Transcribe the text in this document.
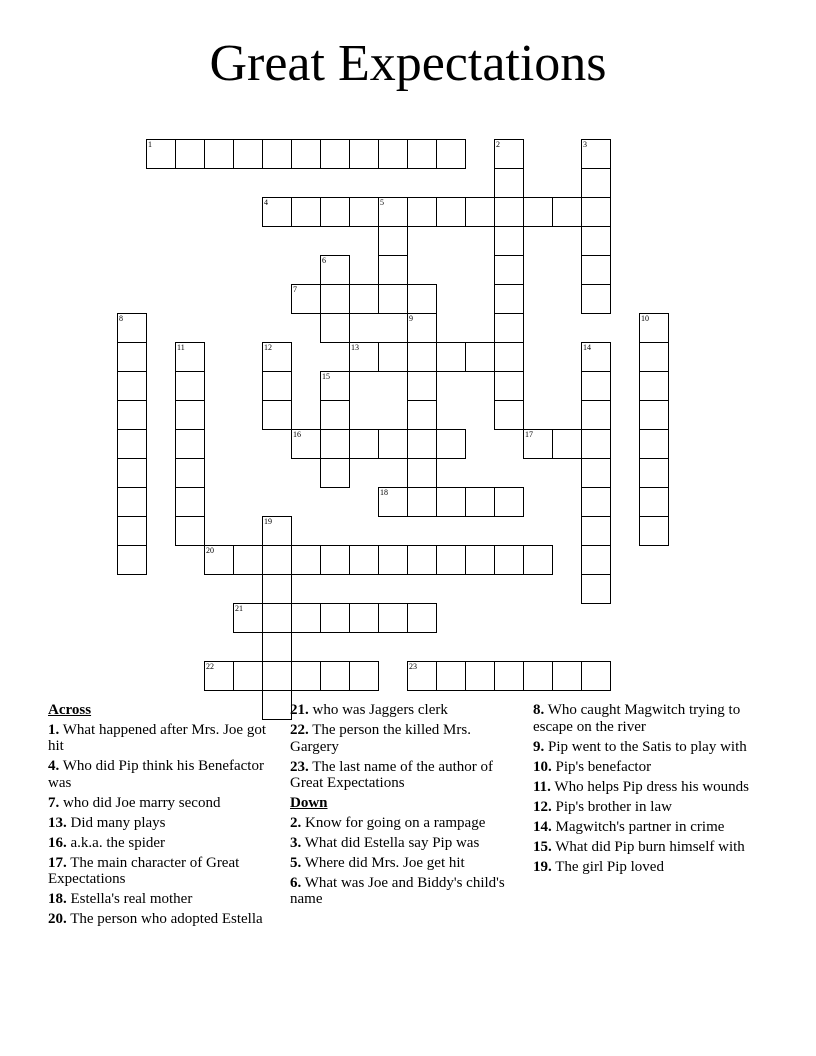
Great Expectations
1	2	3
4	5
6
7
8	9	10
11	12	13	14
15
16	17
18
19
20
21
22	23
Across

1. What happened after Mrs. Joe got hit

4. Who did Pip think his Benefactor was

7. who did Joe marry second

13. Did many plays

16. a.k.a. the spider

17. The main character of Great Expectations

18. Estella's real mother

20. The person who adopted Estella

21. who was Jaggers clerk

22. The person the killed Mrs. Gargery

23. The last name of the author of Great Expectations

Down

2. Know for going on a rampage

3. What did Estella say Pip was

5. Where did Mrs. Joe get hit

6. What was Joe and Biddy's child's name

8. Who caught Magwitch trying to escape on the river

9. Pip went to the Satis to play with

10. Pip's benefactor

11. Who helps Pip dress his wounds

12. Pip's brother in law

14. Magwitch's partner in crime

15. What did Pip burn himself with

19. The girl Pip loved
